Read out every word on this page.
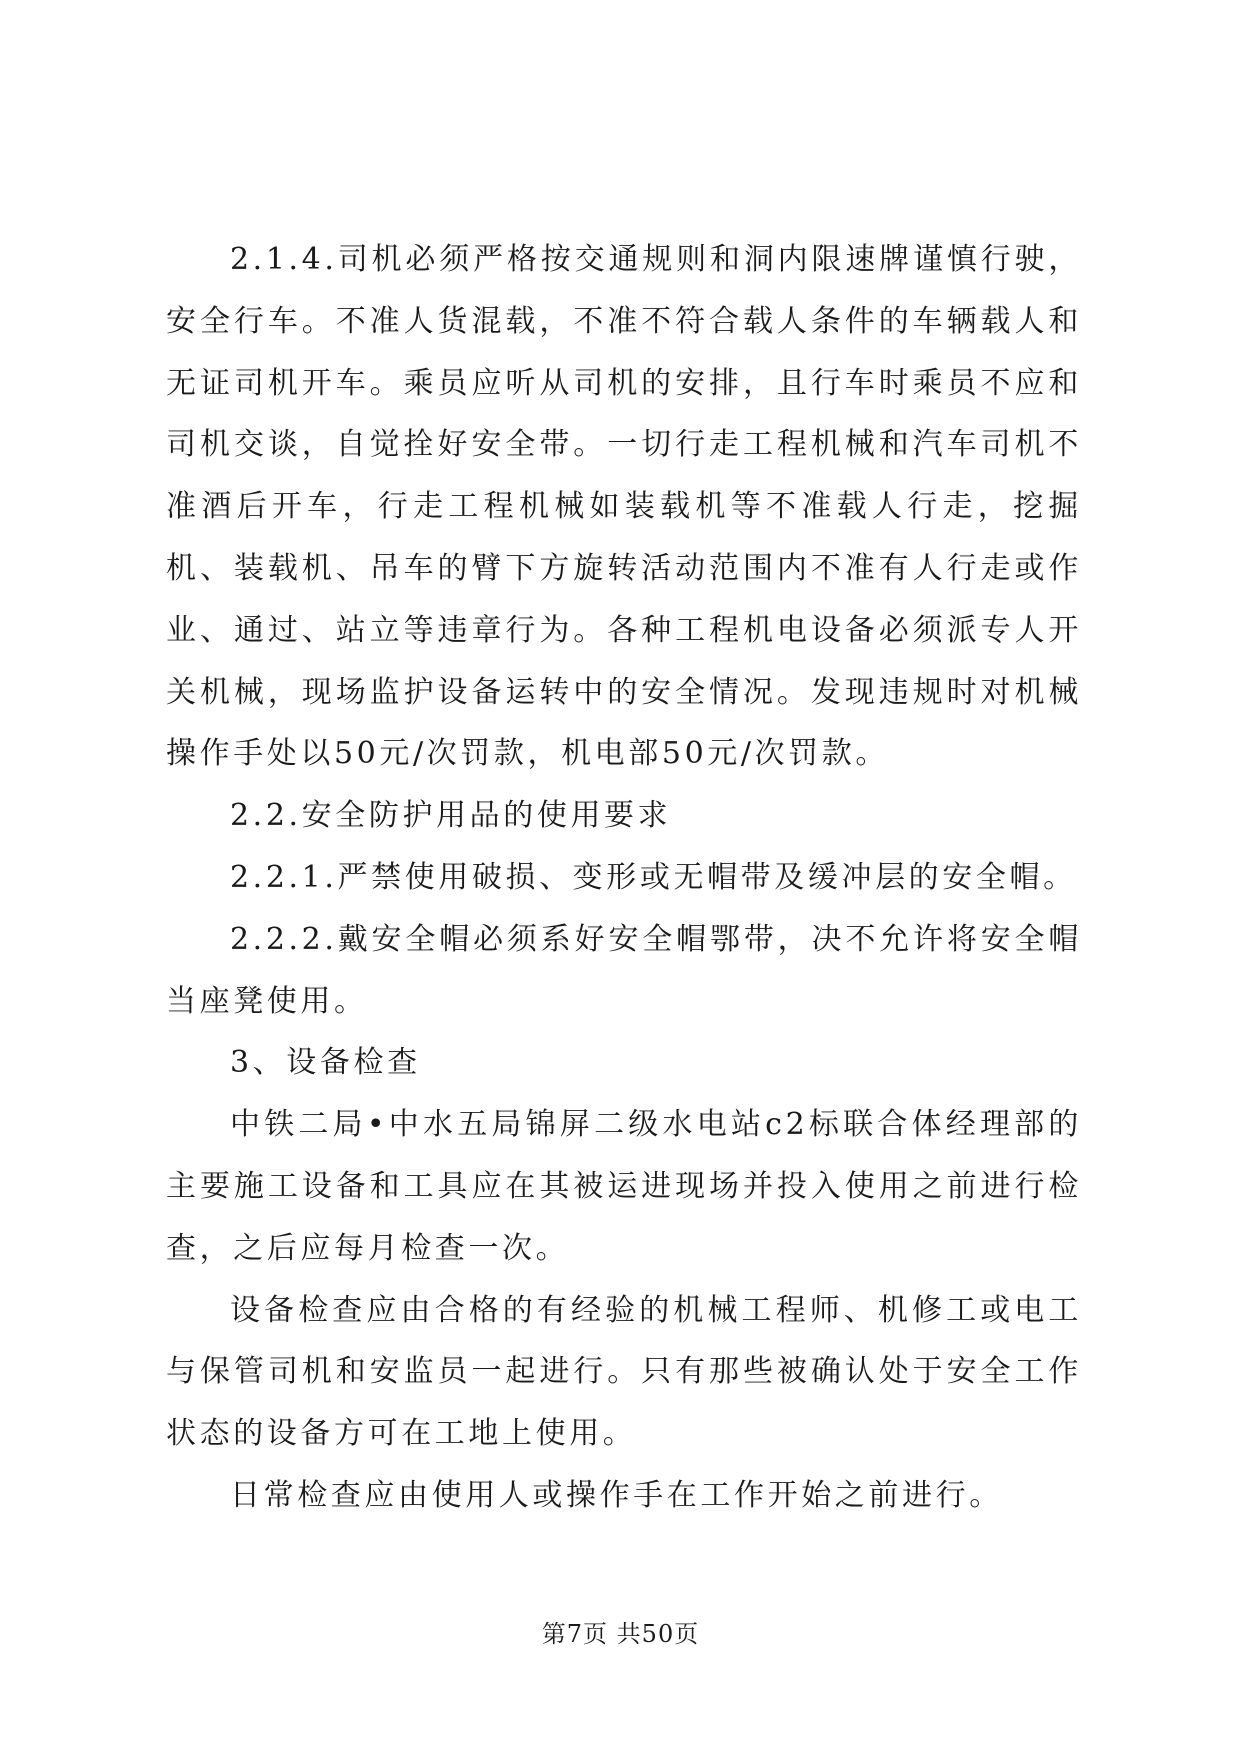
2.1.4.司机必须严格按交通规则和洞内限速牌谨慎行驶，安全行车。不准人货混载，不准不符合载人条件的车辆载人和无证司机开车。乘员应听从司机的安排，且行车时乘员不应和司机交谈，自觉拴好安全带。一切行走工程机械和汽车司机不准酒后开车，行走工程机械如装载机等不准载人行走，挖掘机、装载机、吊车的臂下方旋转活动范围内不准有人行走或作业、通过、站立等违章行为。各种工程机电设备必须派专人开关机械，现场监护设备运转中的安全情况。发现违规时对机械操作手处以50元/次罚款，机电部50元/次罚款。

2.2.安全防护用品的使用要求

2.2.1.严禁使用破损、变形或无帽带及缓冲层的安全帽。

2.2.2.戴安全帽必须系好安全帽鄂带，决不允许将安全帽当座凳使用。

3、设备检查

中铁二局•中水五局锦屏二级水电站c2标联合体经理部的主要施工设备和工具应在其被运进现场并投入使用之前进行检查，之后应每月检查一次。

设备检查应由合格的有经验的机械工程师、机修工或电工与保管司机和安监员一起进行。只有那些被确认处于安全工作状态的设备方可在工地上使用。

日常检查应由使用人或操作手在工作开始之前进行。

第7页 共50页
